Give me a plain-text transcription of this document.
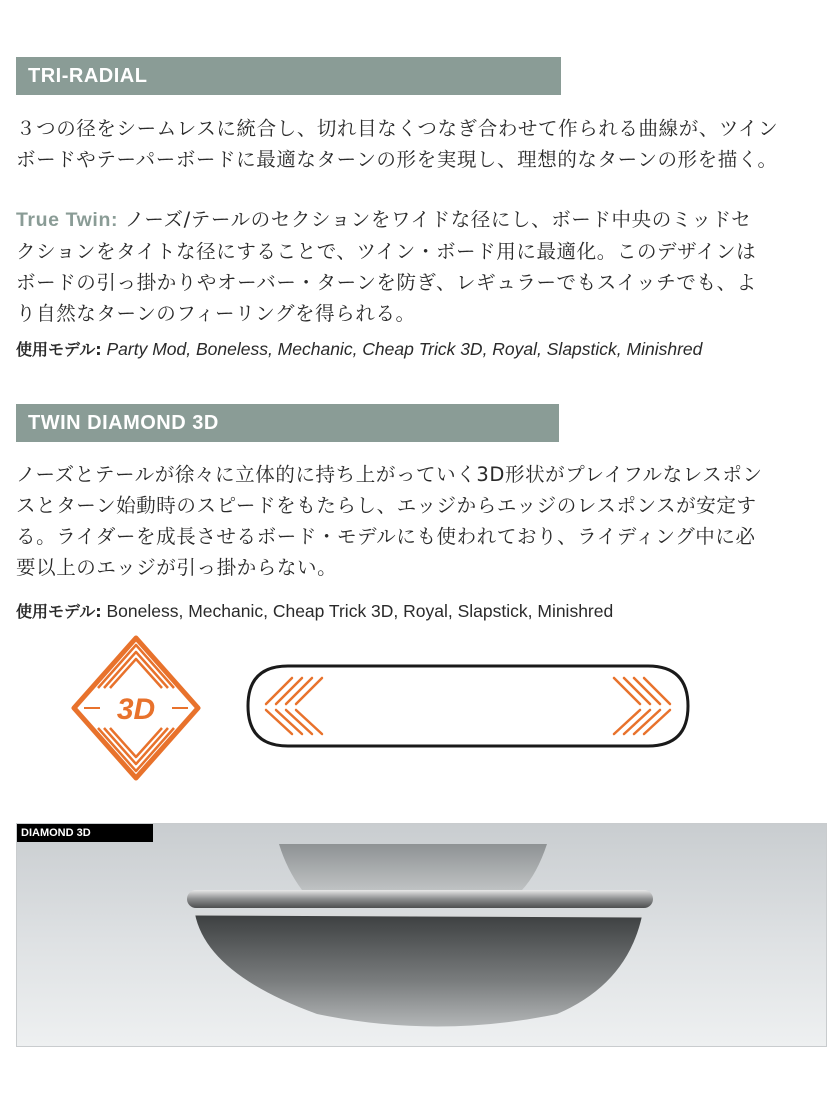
TRI-RADIAL
３つの径をシームレスに統合し、切れ目なくつなぎ合わせて作られる曲線が、ツイン
ボードやテーパーボードに最適なターンの形を実現し、理想的なターンの形を描く。
True Twin: ノーズ/テールのセクションをワイドな径にし、ボード中央のミッドセ
クションをタイトな径にすることで、ツイン・ボード用に最適化。このデザインは
ボードの引っ掛かりやオーバー・ターンを防ぎ、レギュラーでもスイッチでも、よ
り自然なターンのフィーリングを得られる。
使用モデル: Party Mod, Boneless, Mechanic, Cheap Trick 3D, Royal, Slapstick, Minishred
TWIN DIAMOND 3D
ノーズとテールが徐々に立体的に持ち上がっていく3D形状がプレイフルなレスポン
スとターン始動時のスピードをもたらし、エッジからエッジのレスポンスが安定す
る。ライダーを成長させるボード・モデルにも使われており、ライディング中に必
要以上のエッジが引っ掛からない。
使用モデル: Boneless, Mechanic, Cheap Trick 3D, Royal, Slapstick, Minishred
3D
DIAMOND 3D
